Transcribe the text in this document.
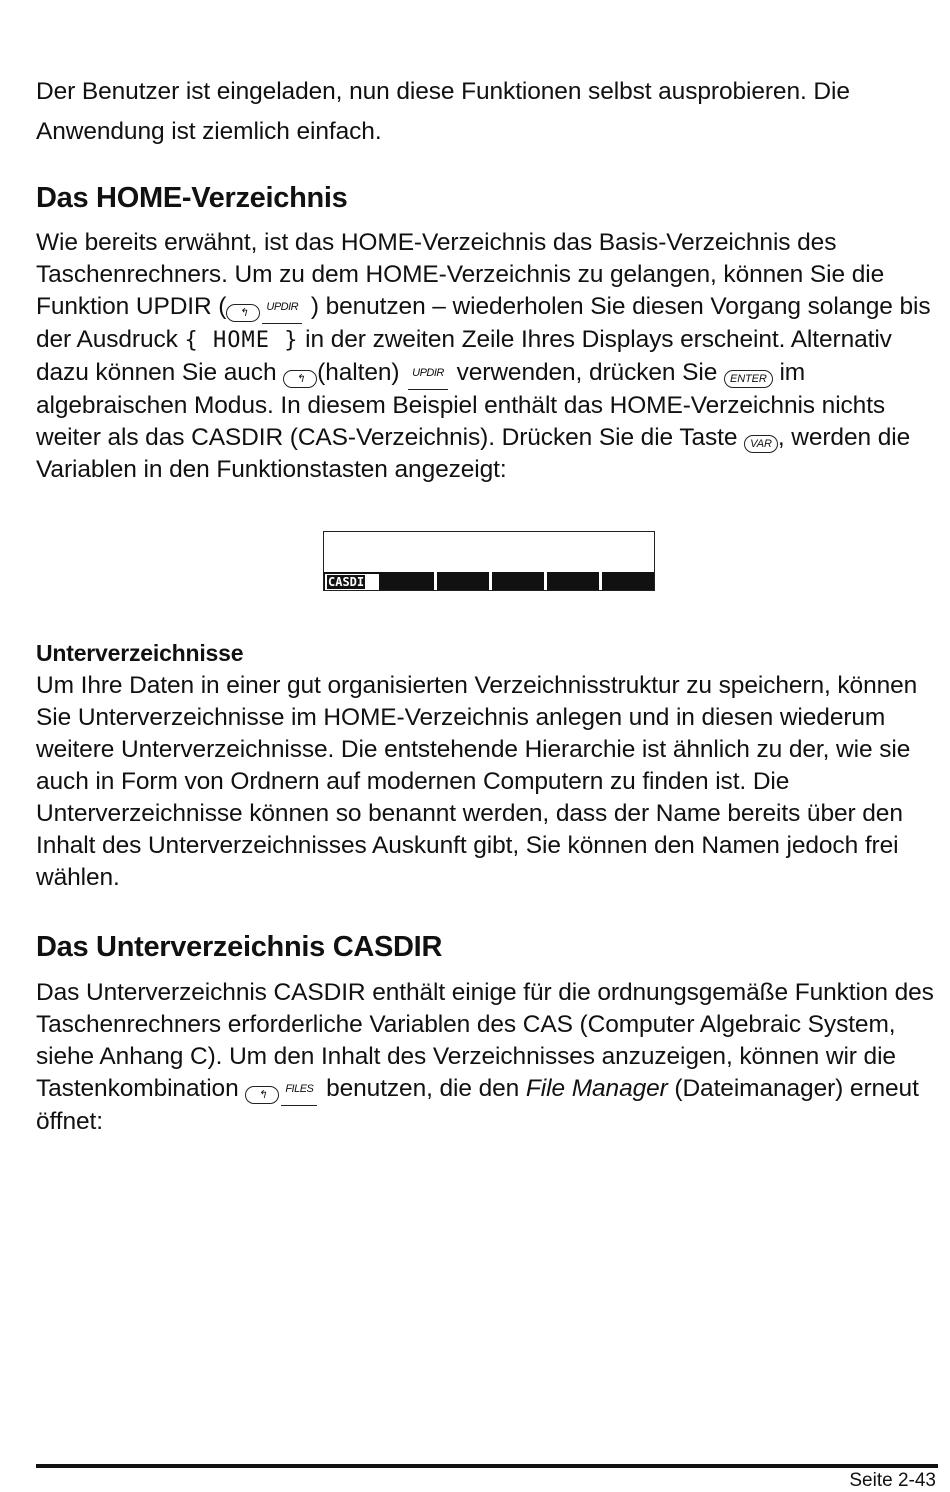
Der Benutzer ist eingeladen, nun diese Funktionen selbst ausprobieren. Die
Anwendung ist ziemlich einfach.

Das HOME-Verzeichnis

Wie bereits erwähnt, ist das HOME-Verzeichnis das Basis-Verzeichnis des Taschenrechners. Um zu dem HOME-Verzeichnis zu gelangen, können Sie die Funktion UPDIR ( ↰ UPDIR ) benutzen – wiederholen Sie diesen Vorgang solange bis der Ausdruck { HOME } in der zweiten Zeile Ihres Displays erscheint. Alternativ dazu können Sie auch ↰ (halten) UPDIR verwenden, drücken Sie ENTER im algebraischen Modus. In diesem Beispiel enthält das HOME-Verzeichnis nichts weiter als das CASDIR (CAS-Verzeichnis). Drücken Sie die Taste VAR , werden die Variablen in den Funktionstasten angezeigt:

Unterverzeichnisse

Um Ihre Daten in einer gut organisierten Verzeichnisstruktur zu speichern, können Sie Unterverzeichnisse im HOME-Verzeichnis anlegen und in diesen wiederum weitere Unterverzeichnisse. Die entstehende Hierarchie ist ähnlich zu der, wie sie auch in Form von Ordnern auf modernen Computern zu finden ist. Die Unterverzeichnisse können so benannt werden, dass der Name bereits über den Inhalt des Unterverzeichnisses Auskunft gibt, Sie können den Namen jedoch frei wählen.

Das Unterverzeichnis CASDIR

Das Unterverzeichnis CASDIR enthält einige für die ordnungsgemäße Funktion des Taschenrechners erforderliche Variablen des CAS (Computer Algebraic System, siehe Anhang C). Um den Inhalt des Verzeichnisses anzuzeigen, können wir die Tastenkombination ↰ FILES benutzen, die den File Manager (Dateimanager) erneut öffnet:

CASDI
Seite 2-43
